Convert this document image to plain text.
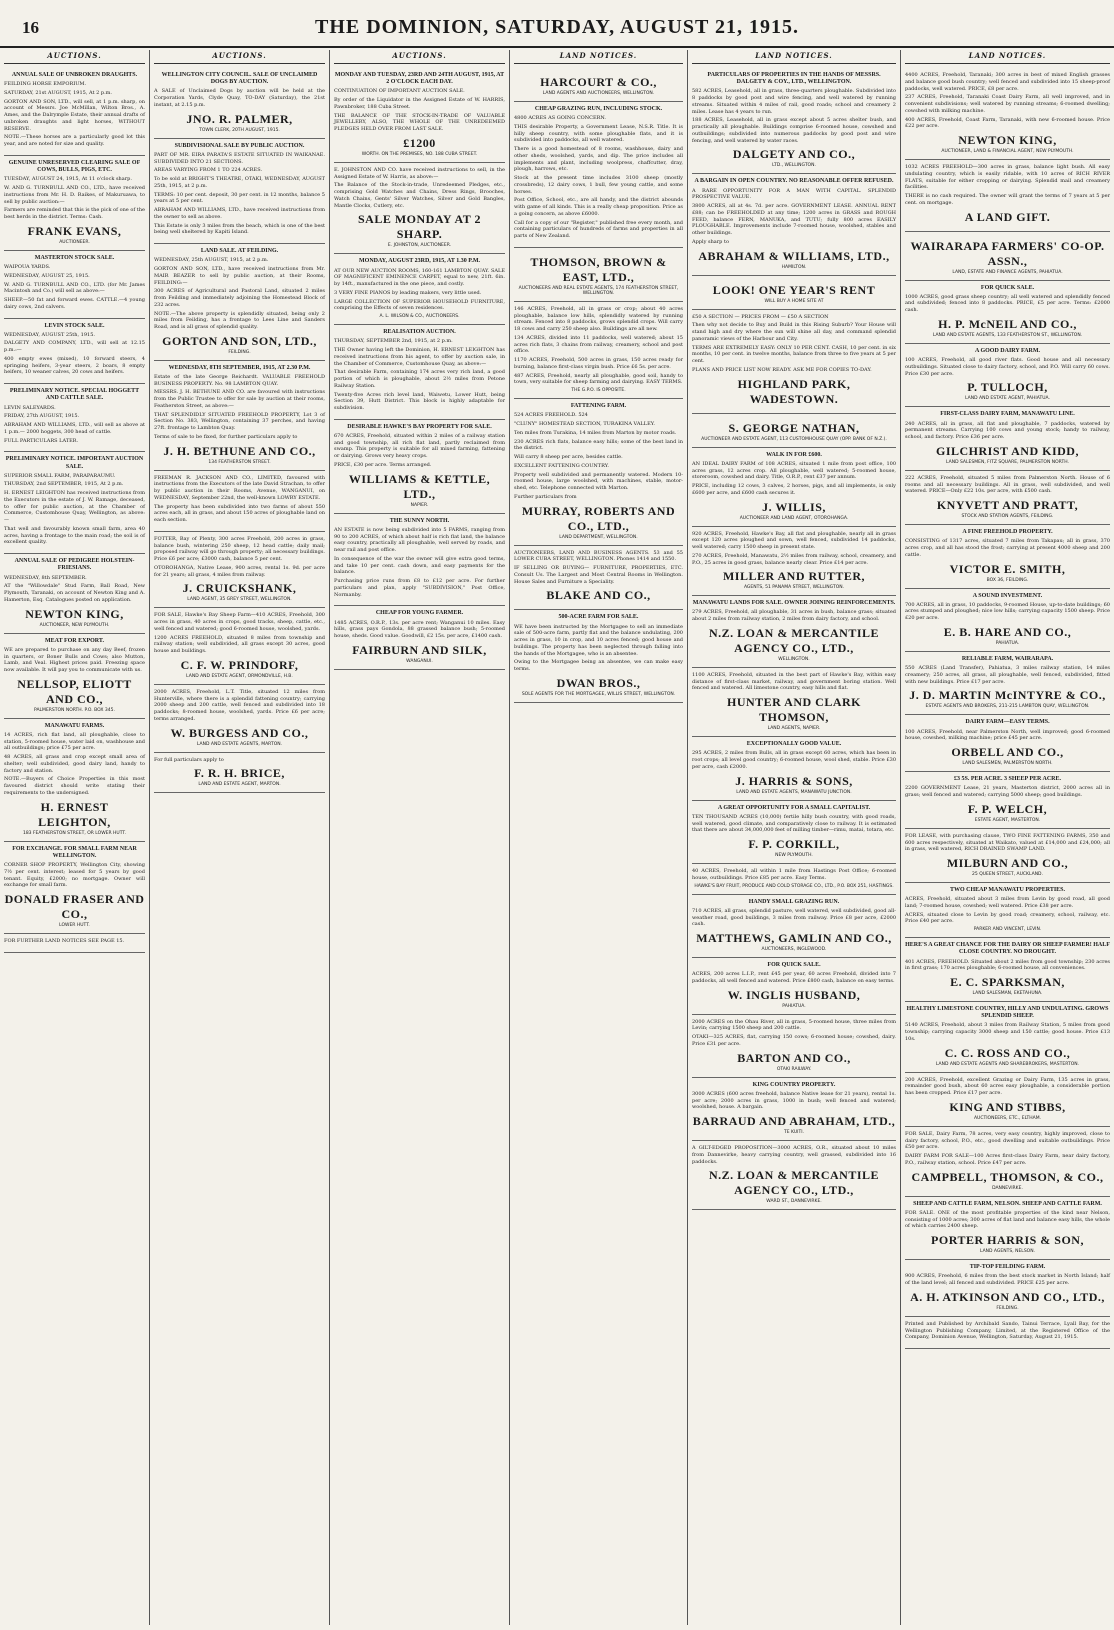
16	THE DOMINION, SATURDAY, AUGUST 21, 1915.
AUCTIONS.
ANNUAL SALE OF UNBROKEN DRAUGHTS.

FEILDING HORSE EMPORIUM.

SATURDAY, 21st AUGUST, 1915, At 2 p.m.

GORTON AND SON, LTD., will sell, at 1 p.m. sharp, on account of Messrs. Joe McMillan, Wilton Bros., A. Ames, and the Dalrymple Estate, their annual drafts of unbroken draughts and light horses, WITHOUT RESERVE.

NOTE.—These horses are a particularly good lot this year, and are noted for size and quality.

GENUINE UNRESERVED CLEARING SALE OF COWS, BULLS, PIGS, ETC.

TUESDAY, AUGUST 24, 1915, At 11 o'clock sharp.

W. AND G. TURNBULL AND CO., LTD., have received instructions from Mr. H. D. Raikes, of Makuruawa, to sell by public auction:—

Farmers are reminded that this is the pick of one of the best herds in the district. Terms: Cash.

FRANK EVANS,
AUCTIONEER.
MASTERTON STOCK SALE.

WAIPOUA YARDS.

WEDNESDAY, AUGUST 25, 1915.

W. AND G. TURNBULL AND CO., LTD. (for Mr. James Macintosh and Co.) will sell as above:—

SHEEP.—50 fat and forward ewes. CATTLE.—4 young dairy cows, 2nd calvers.

LEVIN STOCK SALE.

WEDNESDAY, AUGUST 25th, 1915.

DALGETY AND COMPANY, LTD., will sell at 12.15 p.m.:—

400 empty ewes (mixed), 10 forward steers, 4 springing heifers, 3-year steers, 2 boars, 8 empty heifers, 10 weaner calves, 20 cows and heifers.

PRELIMINARY NOTICE. SPECIAL HOGGETT AND CATTLE SALE.

LEVIN SALEYARDS.

FRIDAY, 27th AUGUST, 1915.

ABRAHAM AND WILLIAMS, LTD., will sell as above at 1 p.m.— 2000 hoggets, 300 head of cattle.

FULL PARTICULARS LATER.

PRELIMINARY NOTICE. IMPORTANT AUCTION SALE.

SUPERIOR SMALL FARM, PARAPARAUMU.

THURSDAY, 2nd SEPTEMBER, 1915, At 2 p.m.

H. ERNEST LEIGHTON has received instructions from the Executors in the estate of J. W. Ramage, deceased, to offer for public auction, at the Chamber of Commerce, Customhouse Quay, Wellington, as above:—

That well and favourably known small farm, area 40 acres, having a frontage to the main road; the soil is of excellent quality.

ANNUAL SALE OF PEDIGREE HOLSTEIN-FRIESIANS.

WEDNESDAY, 8th SEPTEMBER.

AT the "Willowdale" Stud Farm, Ball Road, New Plymouth, Taranaki, on account of Newton King and A. Hamerton, Esq. Catalogues posted on application.

NEWTON KING,
AUCTIONEER, NEW PLYMOUTH.
MEAT FOR EXPORT.

WE are prepared to purchase on any day Beef, frozen in quarters, or Boner Bulls and Cows; also Mutton, Lamb, and Veal. Highest prices paid. Freezing space now available. It will pay you to communicate with us.

NELLSOP, ELIOTT AND CO.,
PALMERSTON NORTH. P.O. BOX 345.
MANAWATU FARMS.

14 ACRES, rich flat land, all ploughable, close to station, 5-roomed house, water laid on, washhouse and all outbuildings; price £75 per acre.

48 ACRES, all grass and crop except small area of shelter; well subdivided, good dairy land, handy to factory and station.

NOTE.—Buyers of Choice Properties in this most favoured district should write stating their requirements to the undersigned.

H. ERNEST LEIGHTON,
183 FEATHERSTON STREET, OR LOWER HUTT.
FOR EXCHANGE. FOR SMALL FARM NEAR WELLINGTON.

CORNER SHOP PROPERTY, Wellington City, showing 7½ per cent. interest; leased for 5 years by good tenant. Equity, £2000; no mortgage. Owner will exchange for small farm.

DONALD FRASER AND CO.,
LOWER HUTT.

FOR FURTHER LAND NOTICES SEE PAGE 15.

AUCTIONS.
WELLINGTON CITY COUNCIL. SALE OF UNCLAIMED DOGS BY AUCTION.

A SALE of Unclaimed Dogs by auction will be held at the Corporation Yards, Clyde Quay, TO-DAY (Saturday), the 21st instant, at 2.15 p.m.

JNO. R. PALMER,
TOWN CLERK, 20TH AUGUST, 1915.
SUBDIVISIONAL SALE BY PUBLIC AUCTION.

PART OF MR. EIRA PARATA'S ESTATE SITUATED IN WAIKANAE. SUBDIVIDED INTO 21 SECTIONS.

AREAS VARYING FROM 1 TO 224 ACRES.

To be sold at BRIGHT'S THEATRE, OTAKI, WEDNESDAY, AUGUST 25th, 1915, at 2 p.m.

TERMS: 10 per cent. deposit, 30 per cent. in 12 months, balance 5 years at 5 per cent.

ABRAHAM AND WILLIAMS, LTD., have received instructions from the owner to sell as above.

This Estate is only 3 miles from the beach, which is one of the best being well sheltered by Kapiti Island.

LAND SALE. AT FEILDING.

WEDNESDAY, 25th AUGUST, 1915, at 2 p.m.

GORTON AND SON, LTD., have received instructions from Mr. MAIR BEAZER to sell by public auction, at their Rooms, FEILDING:—

300 ACRES of Agricultural and Pastoral Land, situated 2 miles from Feilding and immediately adjoining the Homestead Block of 232 acres.

NOTE.—The above property is splendidly situated, being only 2 miles from Feilding, has a frontage to Lees Line and Sanders Road, and is all grass of splendid quality.

GORTON AND SON, LTD.,
FEILDING.
WEDNESDAY, 8TH SEPTEMBER, 1915, AT 2.30 P.M.

Estate of the late George Reichardt. VALUABLE FREEHOLD BUSINESS PROPERTY. No. 98 LAMBTON QUAY.

MESSRS. J. H. BETHUNE AND CO. are favoured with instructions from the Public Trustee to offer for sale by auction at their rooms, Featherston Street, as above:—

THAT SPLENDIDLY SITUATED FREEHOLD PROPERTY, Lot 3 of Section No. 383, Wellington, containing 37 perches, and having 27ft. frontage to Lambton Quay.

Terms of sale to be fixed, for further particulars apply to

J. H. BETHUNE AND CO.,
134 FEATHERSTON STREET.

FREEMAN R. JACKSON AND CO., LIMITED, favoured with instructions from the Executors of the late David Strachan, to offer by public auction in their Rooms, Avenue, WANGANUI, on WEDNESDAY, September 22nd, the well-known LOWRY ESTATE.

The property has been subdivided into two farms of about 550 acres each, all in grass, and about 150 acres of ploughable land on each section.

FOTTER, Bay of Plenty, 300 acres Freehold, 200 acres in grass, balance bush, wintering 250 sheep, 12 head cattle; daily mail; proposed railway will go through property; all necessary buildings. Price £6 per acre; £3000 cash, balance 5 per cent.

OTOROHANGA, Native Lease, 900 acres, rental 1s. 9d. per acre for 21 years; all grass, 4 miles from railway.

J. CRUICKSHANK,
LAND AGENT, 35 GREY STREET, WELLINGTON.

FOR SALE, Hawke's Bay Sheep Farm—410 ACRES, Freehold, 300 acres in grass, 40 acres in crops, good tracks, sheep, cattle, etc., well fenced and watered; good 6-roomed house, woolshed, yards.

1200 ACRES FREEHOLD, situated 8 miles from township and railway station; well subdivided, all grass except 30 acres, good house and buildings.

C. F. W. PRINDORF,
LAND AND ESTATE AGENT, ORMONDVILLE, H.B.

2000 ACRES, Freehold, L.T. Title, situated 12 miles from Hunterville, where there is a splendid fattening country; carrying 2000 sheep and 200 cattle, well fenced and subdivided into 18 paddocks; 8-roomed house, woolshed, yards. Price £6 per acre; terms arranged.

W. BURGESS AND CO.,
LAND AND ESTATE AGENTS, MARTON.

For full particulars apply to

F. R. H. BRICE,
LAND AND ESTATE AGENT, MARTON.
AUCTIONS.
MONDAY AND TUESDAY, 23RD AND 24TH AUGUST, 1915, AT 2 O'CLOCK EACH DAY.

CONTINUATION OF IMPORTANT AUCTION SALE.

By order of the Liquidator in the Assigned Estate of W. HARRIS, Pawnbroker, 188 Cuba Street.

THE BALANCE OF THE STOCK-IN-TRADE OF VALUABLE JEWELLERY, ALSO, THE WHOLE OF THE UNREDEEMED PLEDGES HELD OVER FROM LAST SALE.

£1200
WORTH. ON THE PREMISES, NO. 188 CUBA STREET.

E. JOHNSTON AND CO. have received instructions to sell, in the Assigned Estate of W. Harris, as above:—

The Balance of the Stock-in-trade, Unredeemed Pledges, etc., comprising Gold Watches and Chains, Dress Rings, Brooches, Watch Chains, Gents' Silver Watches, Silver and Gold Bangles, Mantle Clocks, Cutlery, etc.

SALE MONDAY AT 2 SHARP.
E. JOHNSTON, AUCTIONEER.
MONDAY, AUGUST 23RD, 1915, AT 1.30 P.M.

AT OUR NEW AUCTION ROOMS, 160-161 LAMBTON QUAY. SALE OF MAGNIFICENT EMINENCE CARPET, equal to new, 21ft. 6in. by 14ft., manufactured in the one piece, and costly.

3 VERY FINE PIANOS by leading makers, very little used.

LARGE COLLECTION OF SUPERIOR HOUSEHOLD FURNITURE, comprising the Effects of seven residences.

A. L. WILSON & CO., AUCTIONEERS.
REALISATION AUCTION.

THURSDAY, SEPTEMBER 2nd, 1915, at 2 p.m.

THE Owner having left the Dominion, H. ERNEST LEIGHTON has received instructions from his agent, to offer by auction sale, in the Chamber of Commerce, Customhouse Quay, as above:—

That desirable Farm, containing 174 acres very rich land, a good portion of which is ploughable, about 2½ miles from Petone Railway Station.

Twenty-five Acres rich level land, Waiwetu, Lower Hutt, being Section 39, Hutt District. This block is highly adaptable for subdivision.

DESIRABLE HAWKE'S BAY PROPERTY FOR SALE.

670 ACRES, Freehold, situated within 2 miles of a railway station and good township, all rich flat land, partly reclaimed from swamp. This property is suitable for all mixed farming, fattening or dairying. Grows very heavy crops.

PRICE, £30 per acre. Terms arranged.

WILLIAMS & KETTLE, LTD.,
NAPIER.
THE SUNNY NORTH.

AN ESTATE is now being subdivided into 5 FARMS, ranging from 90 to 200 ACRES, of which about half is rich flat land, the balance easy country, practically all ploughable, well served by roads, and near rail and post office.

In consequence of the war the owner will give extra good terms, and take 10 per cent. cash down, and easy payments for the balance.

Purchasing price runs from £8 to £12 per acre. For further particulars and plan, apply "SUBDIVISION," Post Office, Normanby.

CHEAP FOR YOUNG FARMER.

1485 ACRES, O.R.P., 13s. per acre rent; Wanganui 10 miles. Easy hills, grass pays Gondola, 88 grassed balance bush; 5-roomed house, sheds. Good value. Goodwill, £2 15s. per acre, £1400 cash.

FAIRBURN AND SILK,
WANGANUI.
LAND NOTICES.
HARCOURT & CO.,
LAND AGENTS AND AUCTIONEERS, WELLINGTON.
CHEAP GRAZING RUN, INCLUDING STOCK.

4800 ACRES AS GOING CONCERN.

THIS desirable Property, a Government Lease, N.S.R. Title. It is hilly sheep country, with some ploughable flats, and it is subdivided into paddocks, all well watered.

There is a good homestead of 8 rooms, washhouse, dairy and other sheds, woolshed, yards, and dip. The price includes all implements and plant, including woolpress, chaffcutter, dray, plough, harrows, etc.

Stock at the present time includes 3100 sheep (mostly crossbreds), 12 dairy cows, 1 bull, few young cattle, and some horses.

Post Office, School, etc., are all handy, and the district abounds with game of all kinds. This is a really cheap proposition. Price as a going concern, as above £6000.

Call for a copy of our "Register," published free every month, and containing particulars of hundreds of farms and properties in all parts of New Zealand.

THOMSON, BROWN & EAST, LTD.,
AUCTIONEERS AND REAL ESTATE AGENTS, 174 FEATHERSTON STREET, WELLINGTON.

146 ACRES, Freehold, all in grass or crop; about 40 acres ploughable, balance low hills, splendidly watered by running stream. Fenced into 8 paddocks, grows splendid crops. Will carry 18 cows and carry 250 sheep also. Buildings are all new.

134 ACRES, divided into 11 paddocks, well watered; about 15 acres rich flats, 3 chains from railway, creamery, school and post office.

1170 ACRES, Freehold, 500 acres in grass, 150 acres ready for burning, balance first-class virgin bush. Price £6 5s. per acre.

487 ACRES, Freehold, nearly all ploughable, good soil, handy to town, very suitable for sheep farming and dairying. EASY TERMS.

THE G.P.O. IS OPPOSITE.
FATTENING FARM.

524 ACRES FREEHOLD. 524

"CLUNY" HOMESTEAD SECTION, TURAKINA VALLEY.

Ten miles from Turakina, 14 miles from Marton by motor roads.

230 ACRES rich flats, balance easy hills; some of the best land in the district.

Will carry 8 sheep per acre, besides cattle.

EXCELLENT FATTENING COUNTRY.

Property well subdivided and permanently watered. Modern 10-roomed house, large woolshed, with machines, stable, motor-shed, etc. Telephone connected with Marton.

Further particulars from

MURRAY, ROBERTS AND CO., LTD.,
LAND DEPARTMENT, WELLINGTON.

AUCTIONEERS, LAND AND BUSINESS AGENTS. 53 and 55 LOWER CUBA STREET, WELLINGTON. Phones 1414 and 1550.

IF SELLING OR BUYING— FURNITURE, PROPERTIES, ETC. Consult Us. The Largest and Most Central Rooms in Wellington. House Sales and Furniture a Speciality.

BLAKE AND CO.,
500-ACRE FARM FOR SALE.

WE have been instructed by the Mortgagee to sell an immediate sale of 500-acre farm, partly flat and the balance undulating, 200 acres in grass, 10 in crop, and 10 acres fenced; good house and buildings. The property has been neglected through falling into the hands of the Mortgagee, who is an absentee.

Owing to the Mortgagee being an absentee, we can make easy terms.

DWAN BROS.,
SOLE AGENTS FOR THE MORTGAGEE, WILLIS STREET, WELLINGTON.
LAND NOTICES.
PARTICULARS OF PROPERTIES IN THE HANDS OF MESSRS. DALGETY & COY., LTD., WELLINGTON.

582 ACRES, Leasehold, all in grass, three-quarters ploughable. Subdivided into 8 paddocks by good post and wire fencing, and well watered by running streams. Situated within 4 miles of rail, good roads; school and creamery 2 miles. Lease has 4 years to run.

188 ACRES, Leasehold, all in grass except about 5 acres shelter bush, and practically all ploughable. Buildings comprise 6-roomed house, cowshed and outbuildings; subdivided into numerous paddocks by good post and wire fencing, and well watered by water races.

DALGETY AND CO.,
LTD., WELLINGTON.
A BARGAIN IN OPEN COUNTRY. NO REASONABLE OFFER REFUSED.

A RARE OPPORTUNITY FOR A MAN WITH CAPITAL. SPLENDID PROSPECTIVE VALUE.

3800 ACRES, all at 4s. 7d. per acre. GOVERNMENT LEASE. ANNUAL RENT £88; can be FREEHOLDED at any time; 1200 acres in GRASS and ROUGH FEED, balance FERN, MANUKA, and TUTU; fully 800 acres EASILY PLOUGHABLE. Improvements include 7-roomed house, woolshed, stables and other buildings.

Apply sharp to

ABRAHAM & WILLIAMS, LTD.,
HAMILTON.
LOOK! ONE YEAR'S RENT
WILL BUY A HOME SITE AT

£50 A SECTION — PRICES FROM — £50 A SECTION

Then why not decide to Buy and Build in this Rising Suburb? Your House will stand high and dry where the sun will shine all day, and command splendid panoramic views of the Harbour and City.

TERMS ARE EXTREMELY EASY: ONLY 10 PER CENT. CASH, 10 per cent. in six months, 10 per cent. in twelve months, balance from three to five years at 5 per cent.

PLANS AND PRICE LIST NOW READY. ASK ME FOR COPIES TO-DAY.

HIGHLAND PARK, WADESTOWN.
S. GEORGE NATHAN,
AUCTIONEER AND ESTATE AGENT, 113 CUSTOMHOUSE QUAY (OPP. BANK OF N.Z.).
WALK IN FOR £600.

AN IDEAL DAIRY FARM of 108 ACRES, situated 1 mile from post office, 100 acres grass, 12 acres crop. All ploughable, well watered; 5-roomed house, storeroom, cowshed and dairy. Title, O.R.P., rent £37 per annum.

PRICE, including 12 cows, 3 calves, 2 horses, pigs, and all implements, is only £600 per acre, and £600 cash secures it.

J. WILLIS,
AUCTIONEER AND LAND AGENT, OTOROHANGA.

920 ACRES, Freehold, Hawke's Bay, all flat and ploughable, nearly all in grass except 120 acres ploughed and sown, well fenced, subdivided 14 paddocks, well watered; carry 1500 sheep in present state.

270 ACRES, Freehold, Manawatu, 2½ miles from railway, school, creamery, and P.O., 25 acres in good grass, balance nearly clear. Price £14 per acre.

MILLER AND RUTTER,
AGENTS, 51 PANAMA STREET, WELLINGTON.
MANAWATU LANDS FOR SALE. OWNER JOINING REINFORCEMENTS.

279 ACRES, Freehold, all ploughable, 31 acres in bush, balance grass; situated about 2 miles from railway station, 2 miles from dairy factory, and school.

N.Z. LOAN & MERCANTILE AGENCY CO., LTD.,
WELLINGTON.

1100 ACRES, Freehold, situated in the best part of Hawke's Bay, within easy distance of first-class market, railway, and government boring station. Well fenced and watered. All limestone country, easy hills and flat.

HUNTER AND CLARK THOMSON,
LAND AGENTS, NAPIER.
EXCEPTIONALLY GOOD VALUE.

295 ACRES, 2 miles from Bulls, all in grass except 60 acres, which has been in root crops; all level good country; 6-roomed house, wool shed, stable. Price £30 per acre, cash £2000.

J. HARRIS & SONS,
LAND AND ESTATE AGENTS, MANAWATU JUNCTION.
A GREAT OPPORTUNITY FOR A SMALL CAPITALIST.

TEN THOUSAND ACRES (10,000) fertile hilly bush country, with good roads, well watered, good climate, and comparatively close to railway. It is estimated that there are about 34,000,000 feet of milling timber—rimu, matai, totara, etc.

F. P. CORKILL,
NEW PLYMOUTH.

40 ACRES, Freehold, all within 1 mile from Hastings Post Office; 6-roomed house, outbuildings. Price £85 per acre. Easy Terms.

HAWKE'S BAY FRUIT, PRODUCE AND COLD STORAGE CO., LTD., P.O. BOX 251, HASTINGS.
HANDY SMALL GRAZING RUN.

710 ACRES, all grass, splendid pasture, well watered, well subdivided, good all-weather road, good buildings, 3 miles from railway. Price £8 per acre, £2000 cash.

MATTHEWS, GAMLIN AND CO.,
AUCTIONEERS, INGLEWOOD.
FOR QUICK SALE.

ACRES, 200 acres L.I.P., rent £45 per year, 60 acres Freehold, divided into 7 paddocks, all well fenced and watered. Price £800 cash, balance on easy terms.

W. INGLIS HUSBAND,
PAHIATUA.

2000 ACRES on the Ohau River, all in grass, 5-roomed house, three miles from Levin; carrying 1500 sheep and 200 cattle.

OTAKI—325 ACRES, flat, carrying 150 cows; 6-roomed house; cowshed, dairy. Price £31 per acre.

BARTON AND CO.,
OTAKI RAILWAY.
KING COUNTRY PROPERTY.

3000 ACRES (600 acres freehold, balance Native lease for 21 years), rental 1s. per acre; 2000 acres in grass, 1000 in bush; well fenced and watered; woolshed, house. A bargain.

BARRAUD AND ABRAHAM, LTD.,
TE KUITI.

A GILT-EDGED PROPOSITION—3000 ACRES, O.R., situated about 10 miles from Dannevirke, heavy carrying country, well grassed, subdivided into 16 paddocks.

N.Z. LOAN & MERCANTILE AGENCY CO., LTD.,
WARD ST., DANNEVIRKE.
LAND NOTICES.

4400 ACRES, Freehold, Taranaki; 300 acres in best of mixed English grasses and balance good bush country; well fenced and subdivided into 15 sheep-proof paddocks, well watered. PRICE, £8 per acre.

237 ACRES, Freehold, Taranaki Coast Dairy Farm, all well improved, and in convenient subdivisions; well watered by running streams; 6-roomed dwelling; cowshed with milking machine.

400 ACRES, Freehold, Coast Farm, Taranaki, with new 6-roomed house. Price £22 per acre.

NEWTON KING,
AUCTIONEER, LAND & FINANCIAL AGENT, NEW PLYMOUTH.

1032 ACRES FREEHOLD—300 acres in grass, balance light bush. All easy undulating country, which is easily ridable, with 10 acres of RICH RIVER FLATS, suitable for either cropping or dairying. Splendid mail and creamery facilities.

THERE is no cash required. The owner will grant the terms of 7 years at 5 per cent. on mortgage.

A LAND GIFT.
WAIRARAPA FARMERS' CO-OP. ASSN.,
LAND, ESTATE AND FINANCE AGENTS, PAHIATUA.
FOR QUICK SALE.

1000 ACRES, good grass sheep country; all well watered and splendidly fenced and subdivided; fenced into 8 paddocks. PRICE, £5 per acre. Terms: £2000 cash.

H. P. McNEIL AND CO.,
LAND AND ESTATE AGENTS, 133 FEATHERSTON ST., WELLINGTON.
A GOOD DAIRY FARM.

100 ACRES, Freehold, all good river flats. Good house and all necessary outbuildings. Situated close to dairy factory, school, and P.O. Will carry 60 cows. Price £30 per acre.

P. TULLOCH,
LAND AND ESTATE AGENT, PAHIATUA.
FIRST-CLASS DAIRY FARM, MANAWATU LINE.

240 ACRES, all in grass, all flat and ploughable, 7 paddocks, watered by permanent streams. Carrying 100 cows and young stock; handy to railway, school, and factory. Price £36 per acre.

GILCHRIST AND KIDD,
LAND SALESMEN, FITZ SQUARE, PALMERSTON NORTH.

222 ACRES, Freehold, situated 5 miles from Palmerston North. House of 6 rooms and all necessary buildings. All in grass, well subdivided, and well watered. PRICE—Only £22 10s. per acre, with £500 cash.

KNYVETT AND PRATT,
STOCK AND STATION AGENTS, FEILDING.
A FINE FREEHOLD PROPERTY.

CONSISTING of 1317 acres, situated 7 miles from Takapau; all in grass, 370 acres crop, and all has stood the frost; carrying at present 4000 sheep and 200 cattle.

VICTOR E. SMITH,
BOX 36, FEILDING.
A SOUND INVESTMENT.

700 ACRES, all in grass, 10 paddocks, 9-roomed House, up-to-date buildings; 60 acres stumped and ploughed; nice low hills; carrying capacity 1500 sheep. Price £20 per acre.

E. B. HARE AND CO.,
PAHIATUA.
RELIABLE FARM, WAIRARAPA.

550 ACRES (Land Transfer), Pahiatua, 3 miles railway station, 14 miles creamery; 250 acres, all grass, all ploughable, well fenced, subdivided, fitted with new buildings. Price £17 per acre.

J. D. MARTIN McINTYRE & CO.,
ESTATE AGENTS AND BROKERS, 211-215 LAMBTON QUAY, WELLINGTON.
DAIRY FARM—EASY TERMS.

100 ACRES, Freehold, near Palmerston North, well improved; good 6-roomed house, cowshed, milking machine; price £45 per acre.

ORBELL AND CO.,
LAND SALESMEN, PALMERSTON NORTH.
£3 5S. PER ACRE. 3 SHEEP PER ACRE.

2200 GOVERNMENT Lease, 21 years, Masterton district, 2000 acres all in grass; well fenced and watered; carrying 5000 sheep; good buildings.

F. P. WELCH,
ESTATE AGENT, MASTERTON.

FOR LEASE, with purchasing clause, TWO FINE FATTENING FARMS, 350 and 600 acres respectively, situated at Waikato, valued at £14,000 and £24,000; all in grass, well watered, RICH DRAINED SWAMP LAND.

MILBURN AND CO.,
25 QUEEN STREET, AUCKLAND.
TWO CHEAP MANAWATU PROPERTIES.

ACRES, Freehold, situated about 3 miles from Levin by good road, all good land; 7-roomed house, cowshed; well watered. Price £38 per acre.

ACRES, situated close to Levin by good road; creamery, school, railway, etc. Price £40 per acre.

PARKER AND VINCENT, LEVIN.
HERE'S A GREAT CHANCE FOR THE DAIRY OR SHEEP FARMER! HALF CLOSE COUNTRY. NO DROUGHT.

401 ACRES, FREEHOLD. Situated about 2 miles from good township; 230 acres in first grass; 170 acres ploughable; 6-roomed house, all conveniences.

E. C. SPARKSMAN,
LAND SALESMAN, EKETAHUNA.
HEALTHY LIMESTONE COUNTRY, HILLY AND UNDULATING. GROWS SPLENDID SHEEP.

5140 ACRES, Freehold, about 3 miles from Railway Station, 5 miles from good township; carrying capacity 3000 sheep and 150 cattle; good house. Price £13 10s.

C. C. ROSS AND CO.,
LAND AND ESTATE AGENTS AND SHAREBROKERS, MASTERTON.

200 ACRES, Freehold, excellent Grazing or Dairy Farm, 135 acres in grass, remainder good bush, about 60 acres easy ploughable, a considerable portion has been cropped. Price £17 per acre.

KING AND STIBBS,
AUCTIONEERS, ETC., ELTHAM.

FOR SALE, Dairy Farm, 78 acres, very easy country, highly improved, close to dairy factory, school, P.O., etc., good dwelling and suitable outbuildings. Price £50 per acre.

DAIRY FARM FOR SALE—100 Acres first-class Dairy Farm, near dairy factory, P.O., railway station, school. Price £47 per acre.

CAMPBELL, THOMSON, & CO.,
DANNEVIRKE.
SHEEP AND CATTLE FARM, NELSON. SHEEP AND CATTLE FARM.

FOR SALE. ONE of the most profitable properties of the kind near Nelson, consisting of 1000 acres; 300 acres of flat land and balance easy hills, the whole of which carries 2400 sheep.

PORTER HARRIS & SON,
LAND AGENTS, NELSON.
TIP-TOP FEILDING FARM.

900 ACRES, Freehold, 6 miles from the best stock market in North Island; half of the land level; all fenced and subdivided. PRICE £25 per acre.

A. H. ATKINSON AND CO., LTD.,
FEILDING.

Printed and Published by Archibald Sando, Tainui Terrace, Lyall Bay, for the Wellington Publishing Company, Limited, at the Registered Office of the Company, Dominion Avenue, Wellington, Saturday, August 21, 1915.
